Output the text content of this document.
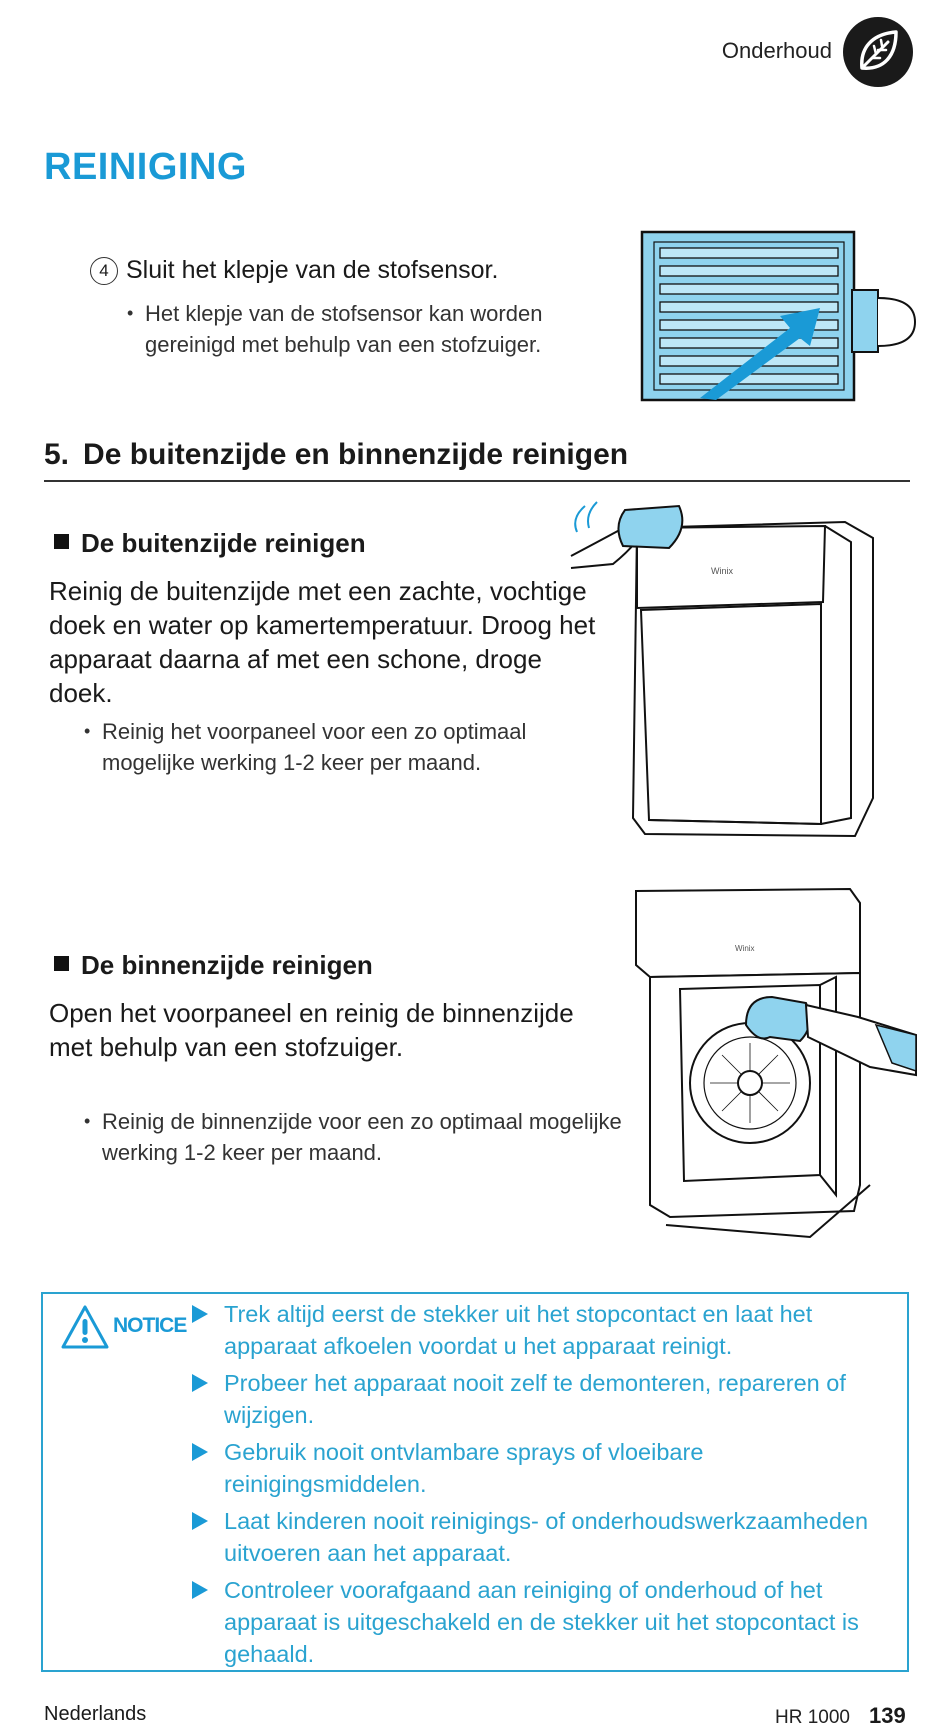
Onderhoud
REINIGING
4 Sluit het klepje van de stofsensor.
• Het klepje van de stofsensor kan worden gereinigd met behulp van een stofzuiger.
5. De buitenzijde en binnenzijde reinigen
De buitenzijde reinigen
Reinig de buitenzijde met een zachte, vochtige doek en water op kamertemperatuur. Droog het apparaat daarna af met een schone, droge doek.
• Reinig het voorpaneel voor een zo optimaal mogelijke werking 1-2 keer per maand.
Winix
De binnenzijde reinigen
Open het voorpaneel en reinig de binnenzijde met behulp van een stofzuiger.
• Reinig de binnenzijde voor een zo optimaal mogelijke werking 1-2 keer per maand.
Winix
NOTICE	Trek altijd eerst de stekker uit het stopcontact en laat het apparaat afkoelen voordat u het apparaat reinigt.
Probeer het apparaat nooit zelf te demonteren, repareren of wijzigen.
Gebruik nooit ontvlambare sprays of vloeibare reinigingsmiddelen.
Laat kinderen nooit reinigings- of onderhoudswerkzaamheden uitvoeren aan het apparaat.
Controleer voorafgaand aan reiniging of onderhoud of het apparaat is uitgeschakeld en de stekker uit het stopcontact is gehaald.
Nederlands	HR 1000 139
